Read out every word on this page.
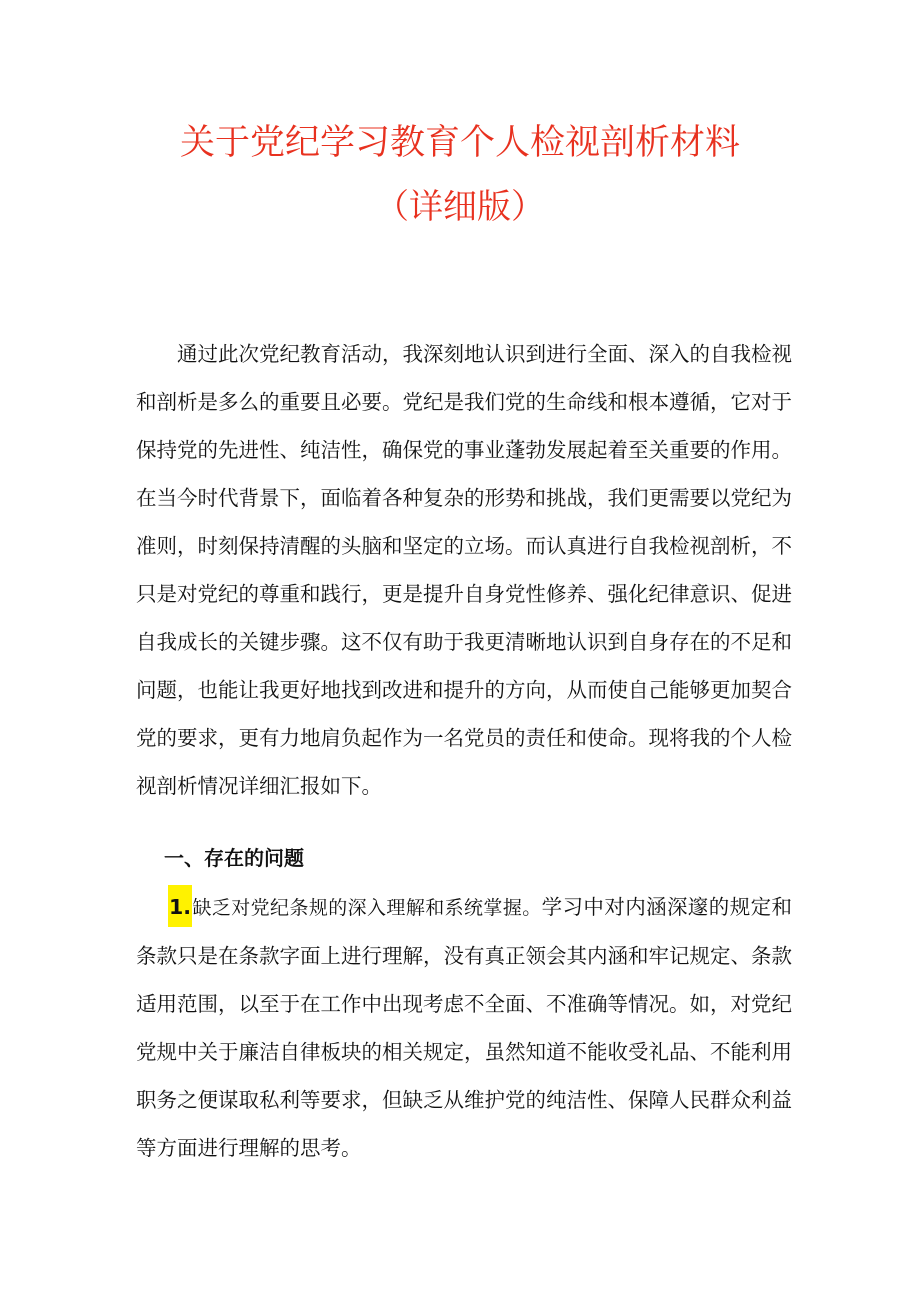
关于党纪学习教育个人检视剖析材料
（详细版）

通过此次党纪教育活动，我深刻地认识到进行全面、深入的自我检视和剖析是多么的重要且必要。党纪是我们党的生命线和根本遵循，它对于保持党的先进性、纯洁性，确保党的事业蓬勃发展起着至关重要的作用。在当今时代背景下，面临着各种复杂的形势和挑战，我们更需要以党纪为准则，时刻保持清醒的头脑和坚定的立场。而认真进行自我检视剖析，不只是对党纪的尊重和践行，更是提升自身党性修养、强化纪律意识、促进自我成长的关键步骤。这不仅有助于我更清晰地认识到自身存在的不足和问题，也能让我更好地找到改进和提升的方向，从而使自己能够更加契合党的要求，更有力地肩负起作为一名党员的责任和使命。现将我的个人检视剖析情况详细汇报如下。

一、存在的问题

1.缺乏对党纪条规的深入理解和系统掌握。学习中对内涵深邃的规定和条款只是在条款字面上进行理解，没有真正领会其内涵和牢记规定、条款适用范围，以至于在工作中出现考虑不全面、不准确等情况。如，对党纪党规中关于廉洁自律板块的相关规定，虽然知道不能收受礼品、不能利用职务之便谋取私利等要求，但缺乏从维护党的纯洁性、保障人民群众利益等方面进行理解的思考。
